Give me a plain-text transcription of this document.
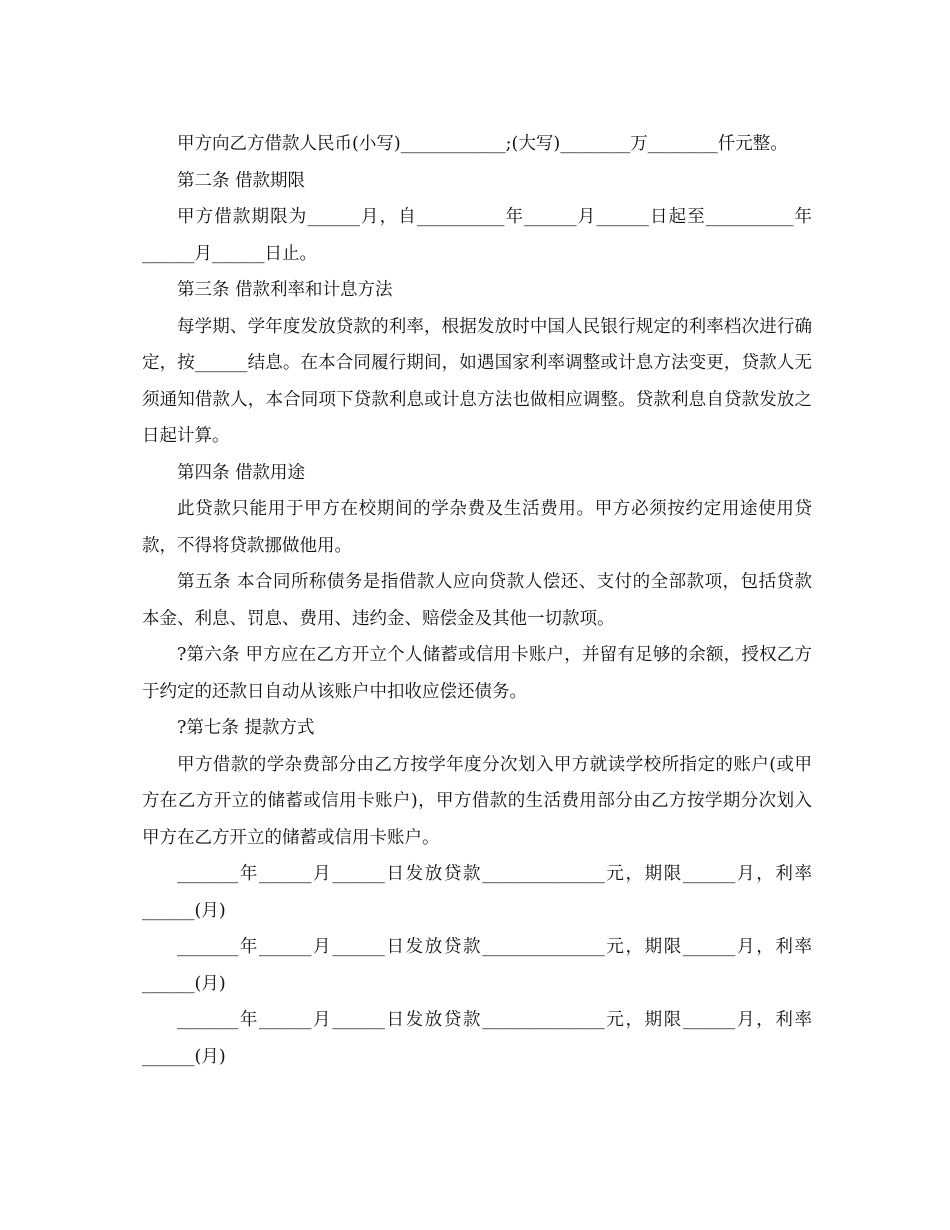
甲方向乙方借款人民币(小写)____________;(大写)________万________仟元整。

第二条 借款期限

甲方借款期限为______月，自__________年______月______日起至__________年______月______日止。

第三条 借款利率和计息方法

每学期、学年度发放贷款的利率，根据发放时中国人民银行规定的利率档次进行确定，按______结息。在本合同履行期间，如遇国家利率调整或计息方法变更，贷款人无须通知借款人，本合同项下贷款利息或计息方法也做相应调整。贷款利息自贷款发放之日起计算。

第四条 借款用途

此贷款只能用于甲方在校期间的学杂费及生活费用。甲方必须按约定用途使用贷款，不得将贷款挪做他用。

第五条 本合同所称债务是指借款人应向贷款人偿还、支付的全部款项，包括贷款本金、利息、罚息、费用、违约金、赔偿金及其他一切款项。

?第六条 甲方应在乙方开立个人储蓄或信用卡账户，并留有足够的余额，授权乙方于约定的还款日自动从该账户中扣收应偿还债务。

?第七条 提款方式

甲方借款的学杂费部分由乙方按学年度分次划入甲方就读学校所指定的账户(或甲方在乙方开立的储蓄或信用卡账户)，甲方借款的生活费用部分由乙方按学期分次划入甲方在乙方开立的储蓄或信用卡账户。

_______年______月______日发放贷款______________元，期限______月，利率______(月)

_______年______月______日发放贷款______________元，期限______月，利率______(月)

_______年______月______日发放贷款______________元，期限______月，利率______(月)
